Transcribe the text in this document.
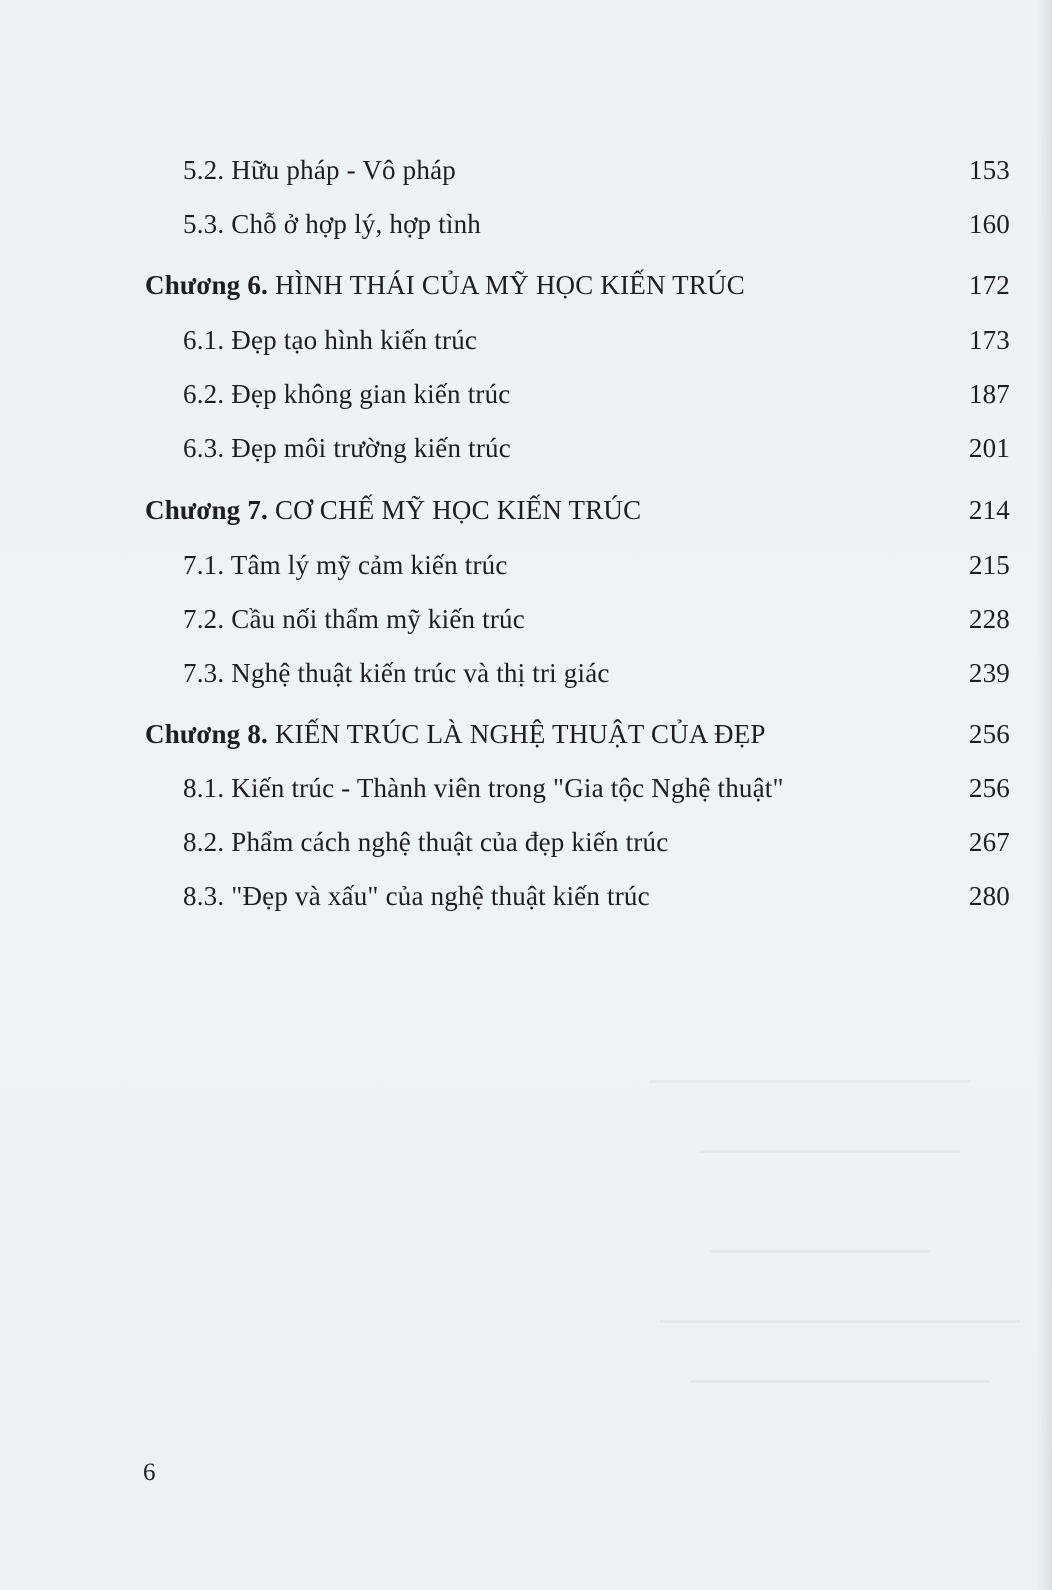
5.2. Hữu pháp - Vô pháp	153
5.3. Chỗ ở hợp lý, hợp tình	160
Chương 6. HÌNH THÁI CỦA MỸ HỌC KIẾN TRÚC	172
6.1. Đẹp tạo hình kiến trúc	173
6.2. Đẹp không gian kiến trúc	187
6.3. Đẹp môi trường kiến trúc	201
Chương 7. CƠ CHẾ MỸ HỌC KIẾN TRÚC	214
7.1. Tâm lý mỹ cảm kiến trúc	215
7.2. Cầu nối thẩm mỹ kiến trúc	228
7.3. Nghệ thuật kiến trúc và thị tri giác	239
Chương 8. KIẾN TRÚC LÀ NGHỆ THUẬT CỦA ĐẸP	256
8.1. Kiến trúc - Thành viên trong "Gia tộc Nghệ thuật"	256
8.2. Phẩm cách nghệ thuật của đẹp kiến trúc	267
8.3. "Đẹp và xấu" của nghệ thuật kiến trúc	280
6
